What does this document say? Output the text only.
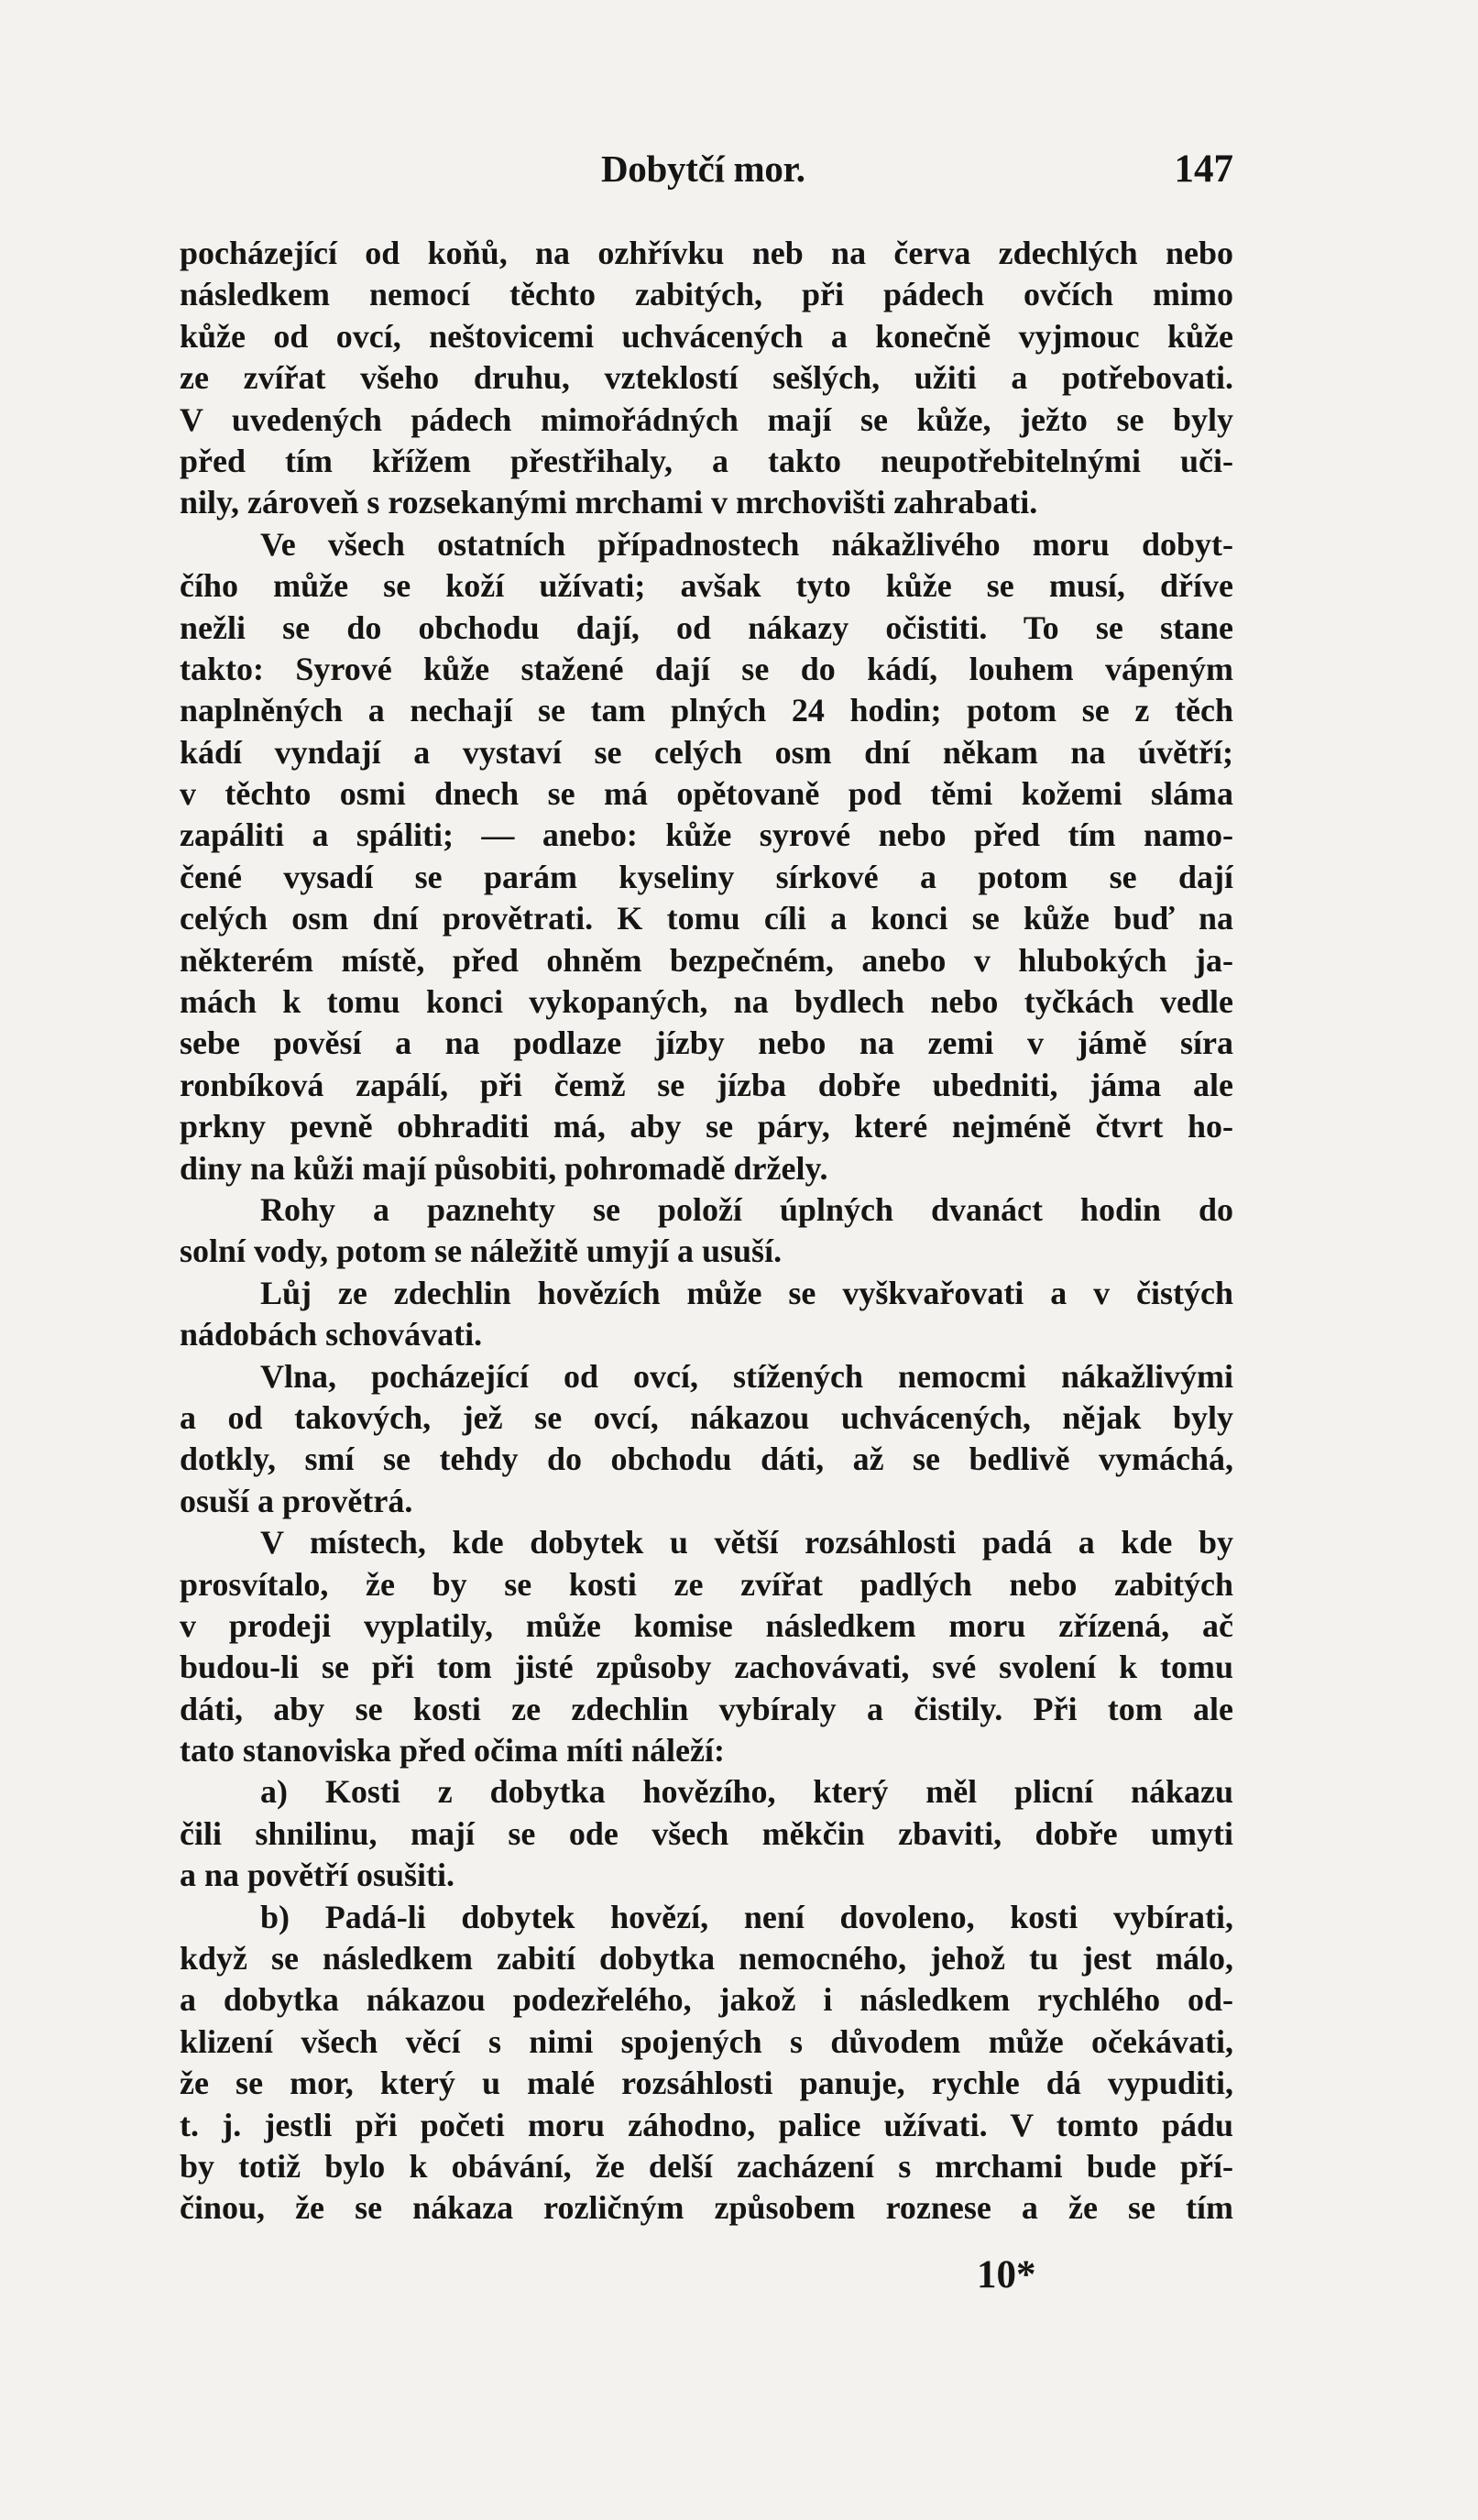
Dobytčí mor.	147
pocházející od koňů, na ozhřívku neb na červa zdechlých nebo
následkem nemocí těchto zabitých, při pádech ovčích mimo
kůže od ovcí, neštovicemi uchvácených a konečně vyjmouc kůže
ze zvířat všeho druhu, vzteklostí sešlých, užiti a potřebovati.
V uvedených pádech mimořádných mají se kůže, ježto se byly
před tím křížem přestřihaly, a takto neupotřebitelnými uči-
nily, zároveň s rozsekanými mrchami v mrchovišti zahrabati.
Ve všech ostatních případnostech nákažlivého moru dobyt-
čího může se koží užívati; avšak tyto kůže se musí, dříve
nežli se do obchodu dají, od nákazy očistiti. To se stane
takto: Syrové kůže stažené dají se do kádí, louhem vápeným
naplněných a nechají se tam plných 24 hodin; potom se z těch
kádí vyndají a vystaví se celých osm dní někam na úvětří;
v těchto osmi dnech se má opětovaně pod těmi kožemi sláma
zapáliti a spáliti; — anebo: kůže syrové nebo před tím namo-
čené vysadí se parám kyseliny sírkové a potom se dají
celých osm dní provětrati. K tomu cíli a konci se kůže buď na
některém místě, před ohněm bezpečném, anebo v hlubokých ja-
mách k tomu konci vykopaných, na bydlech nebo tyčkách vedle
sebe pověsí a na podlaze jízby nebo na zemi v jámě síra
ronbíková zapálí, při čemž se jízba dobře ubedniti, jáma ale
prkny pevně obhraditi má, aby se páry, které nejméně čtvrt ho-
diny na kůži mají působiti, pohromadě držely.
Rohy a paznehty se položí úplných dvanáct hodin do
solní vody, potom se náležitě umyjí a usuší.
Lůj ze zdechlin hovězích může se vyškvařovati a v čistých
nádobách schovávati.
Vlna, pocházející od ovcí, stížených nemocmi nákažlivými
a od takových, jež se ovcí, nákazou uchvácených, nějak byly
dotkly, smí se tehdy do obchodu dáti, až se bedlivě vymáchá,
osuší a provětrá.
V místech, kde dobytek u větší rozsáhlosti padá a kde by
prosvítalo, že by se kosti ze zvířat padlých nebo zabitých
v prodeji vyplatily, může komise následkem moru zřízená, ač
budou-li se při tom jisté způsoby zachovávati, své svolení k tomu
dáti, aby se kosti ze zdechlin vybíraly a čistily. Při tom ale
tato stanoviska před očima míti náleží:
a) Kosti z dobytka hovězího, který měl plicní nákazu
čili shnilinu, mají se ode všech měkčin zbaviti, dobře umyti
a na povětří osušiti.
b) Padá-li dobytek hovězí, není dovoleno, kosti vybírati,
když se následkem zabití dobytka nemocného, jehož tu jest málo,
a dobytka nákazou podezřelého, jakož i následkem rychlého od-
klizení všech věcí s nimi spojených s důvodem může očekávati,
že se mor, který u malé rozsáhlosti panuje, rychle dá vypuditi,
t. j. jestli při početi moru záhodno, palice užívati. V tomto pádu
by totiž bylo k obávání, že delší zacházení s mrchami bude pří-
činou, že se nákaza rozličným způsobem roznese a že se tím
10*
